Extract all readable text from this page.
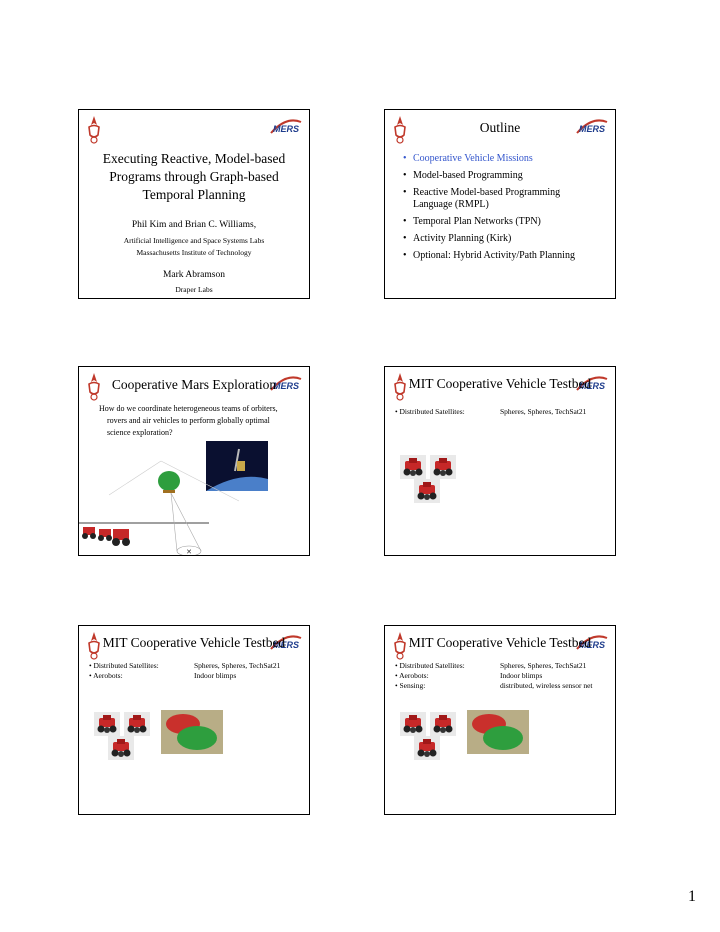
Executing Reactive, Model-based
Programs through Graph-based
Temporal Planning
Phil Kim and Brian C. Williams,
Artificial Intelligence and Space Systems Labs
Massachusetts Institute of Technology
Mark Abramson
Draper Labs
Outline
• Cooperative Vehicle Missions
• Model-based Programming
• Reactive Model-based Programming
Language (RMPL)
• Temporal Plan Networks (TPN)
• Activity Planning (Kirk)
• Optional: Hybrid Activity/Path Planning
Cooperative Mars Exploration
How do we coordinate heterogeneous teams of orbiters,
rovers and air vehicles to perform globally optimal
science exploration?
✕
MIT Cooperative Vehicle Testbed
• Distributed Satellites:	Spheres, Spheres, TechSat21
MIT Cooperative Vehicle Testbed
• Distributed Satellites:	Spheres, Spheres, TechSat21
• Aerobots:	Indoor blimps
MIT Cooperative Vehicle Testbed
• Distributed Satellites:	Spheres, Spheres, TechSat21
• Aerobots:	Indoor blimps
• Sensing:	distributed, wireless sensor net
1
